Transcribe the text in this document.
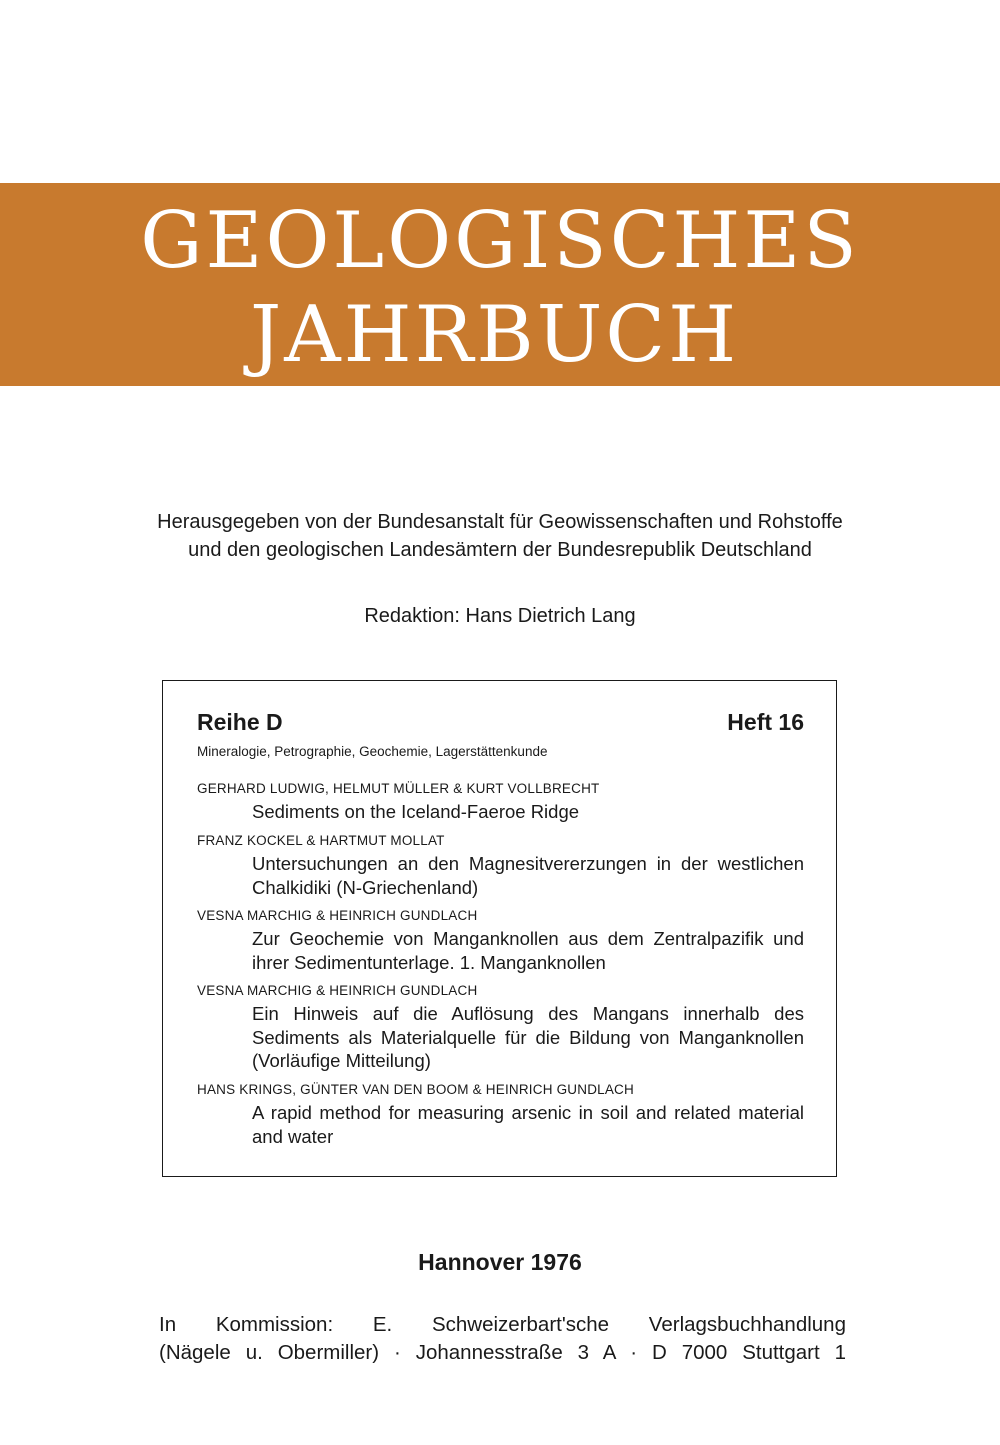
GEOLOGISCHES
JAHRBUCH
Herausgegeben von der Bundesanstalt für Geowissenschaften und Rohstoffe und den geologischen Landesämtern der Bundesrepublik Deutschland
Redaktion: Hans Dietrich Lang
Reihe D	Heft 16
Mineralogie, Petrographie, Geochemie, Lagerstättenkunde
GERHARD LUDWIG, HELMUT MÜLLER & KURT VOLLBRECHT
Sediments on the Iceland-Faeroe Ridge
FRANZ KOCKEL & HARTMUT MOLLAT
Untersuchungen an den Magnesitvererzungen in der westlichen Chalkidiki (N-Griechenland)
VESNA MARCHIG & HEINRICH GUNDLACH
Zur Geochemie von Manganknollen aus dem Zentralpazifik und ihrer Sedimentunterlage. 1. Manganknollen
VESNA MARCHIG & HEINRICH GUNDLACH
Ein Hinweis auf die Auflösung des Mangans innerhalb des Sediments als Materialquelle für die Bildung von Manganknollen (Vorläufige Mitteilung)
HANS KRINGS, GÜNTER VAN DEN BOOM & HEINRICH GUNDLACH
A rapid method for measuring arsenic in soil and related material and water
Hannover 1976
In Kommission: E. Schweizerbart'sche Verlagsbuchhandlung
(Nägele u. Obermiller) · Johannesstraße 3 A · D 7000 Stuttgart 1
